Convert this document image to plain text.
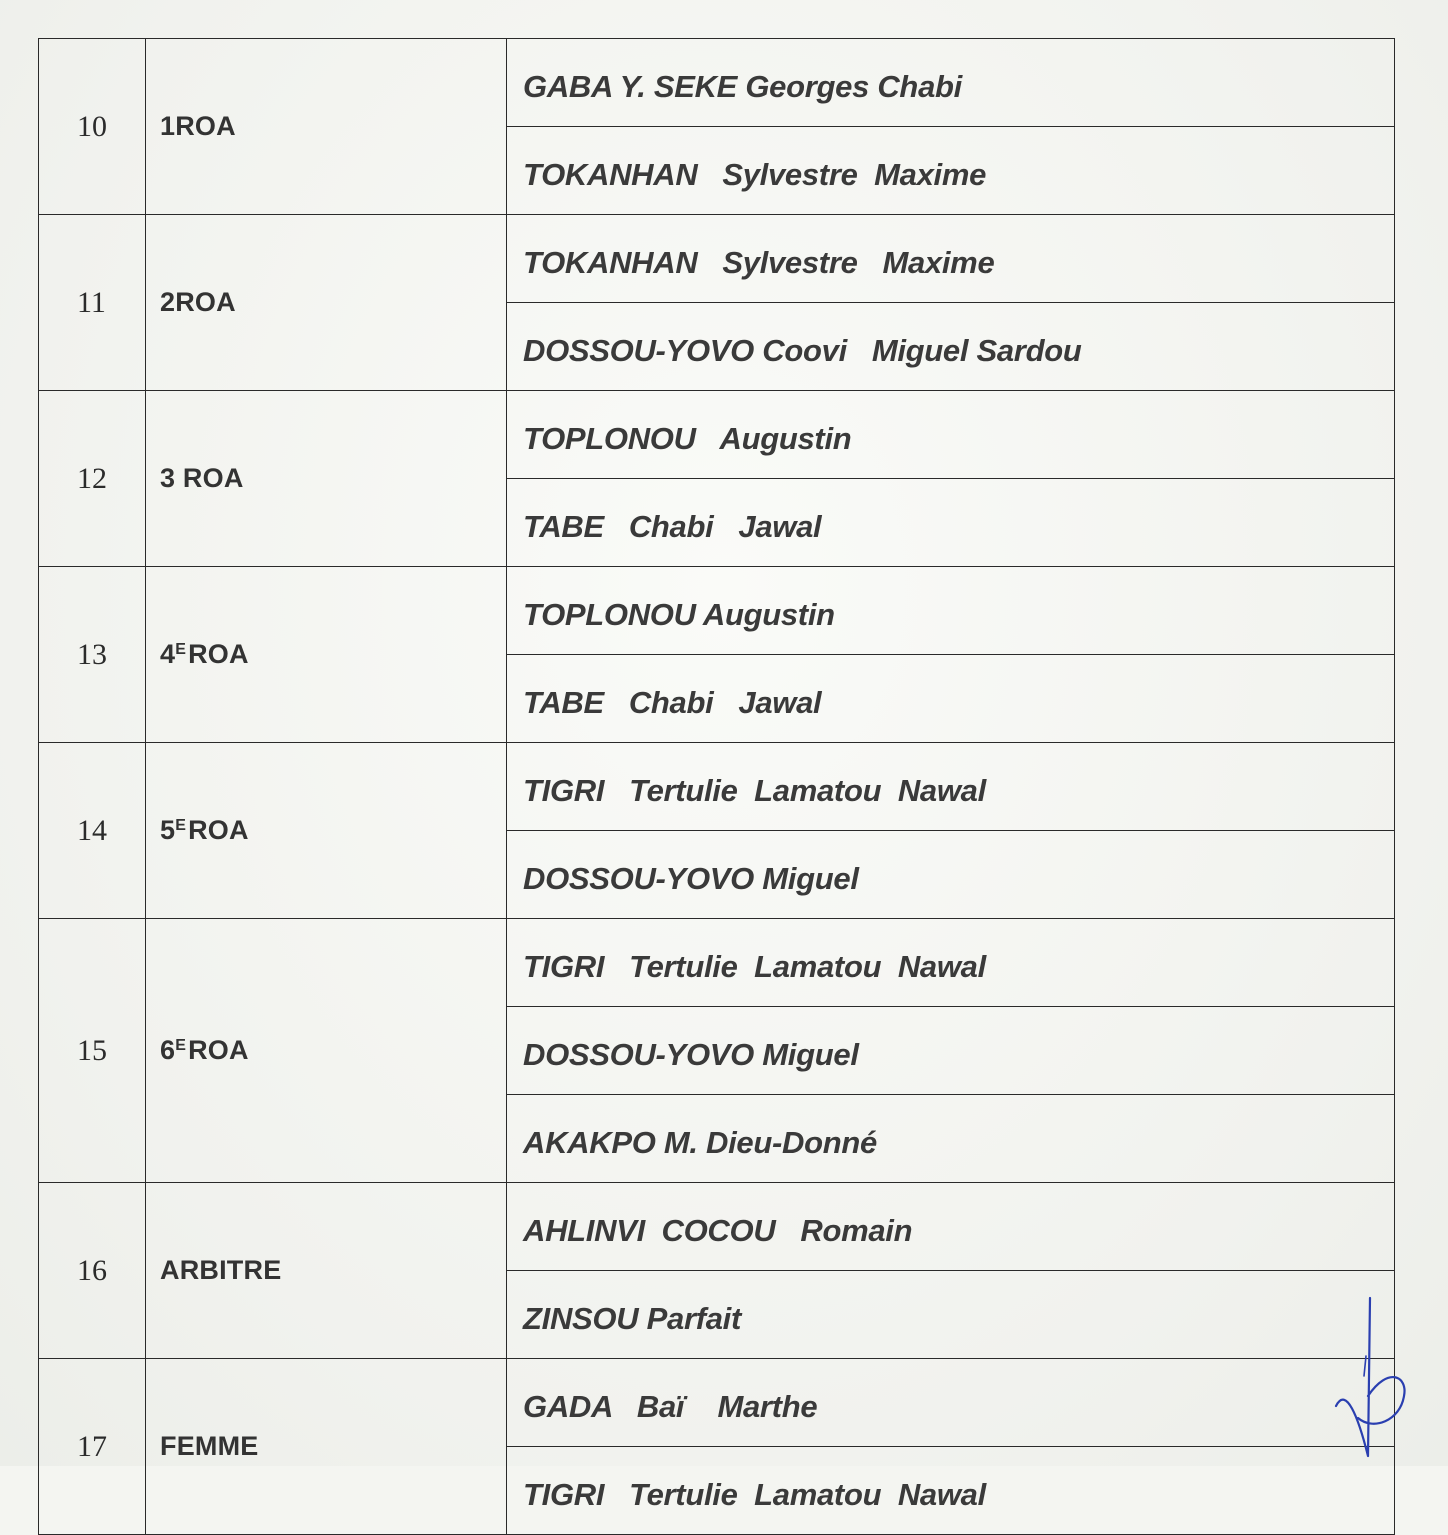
10	1ROA	GABA Y. SEKE Georges Chabi
		TOKANHAN   Sylvestre  Maxime
11	2ROA	TOKANHAN   Sylvestre   Maxime
		DOSSOU-YOVO Coovi   Miguel Sardou
12	3 ROA	TOPLONOU   Augustin
		TABE   Chabi   Jawal
13	$4^EROA$	TOPLONOU Augustin
		TABE   Chabi   Jawal
14	$5^EROA$	TIGRI   Tertulie  Lamatou  Nawal
		DOSSOU-YOVO Miguel
15	$6^EROA$	TIGRI   Tertulie  Lamatou  Nawal
		DOSSOU-YOVO Miguel
		AKAKPO M. Dieu-Donné
16	ARBITRE	AHLINVI  COCOU   Romain
		ZINSOU Parfait
17	FEMME	GADA   Baï    Marthe
		TIGRI   Tertulie  Lamatou  Nawal
